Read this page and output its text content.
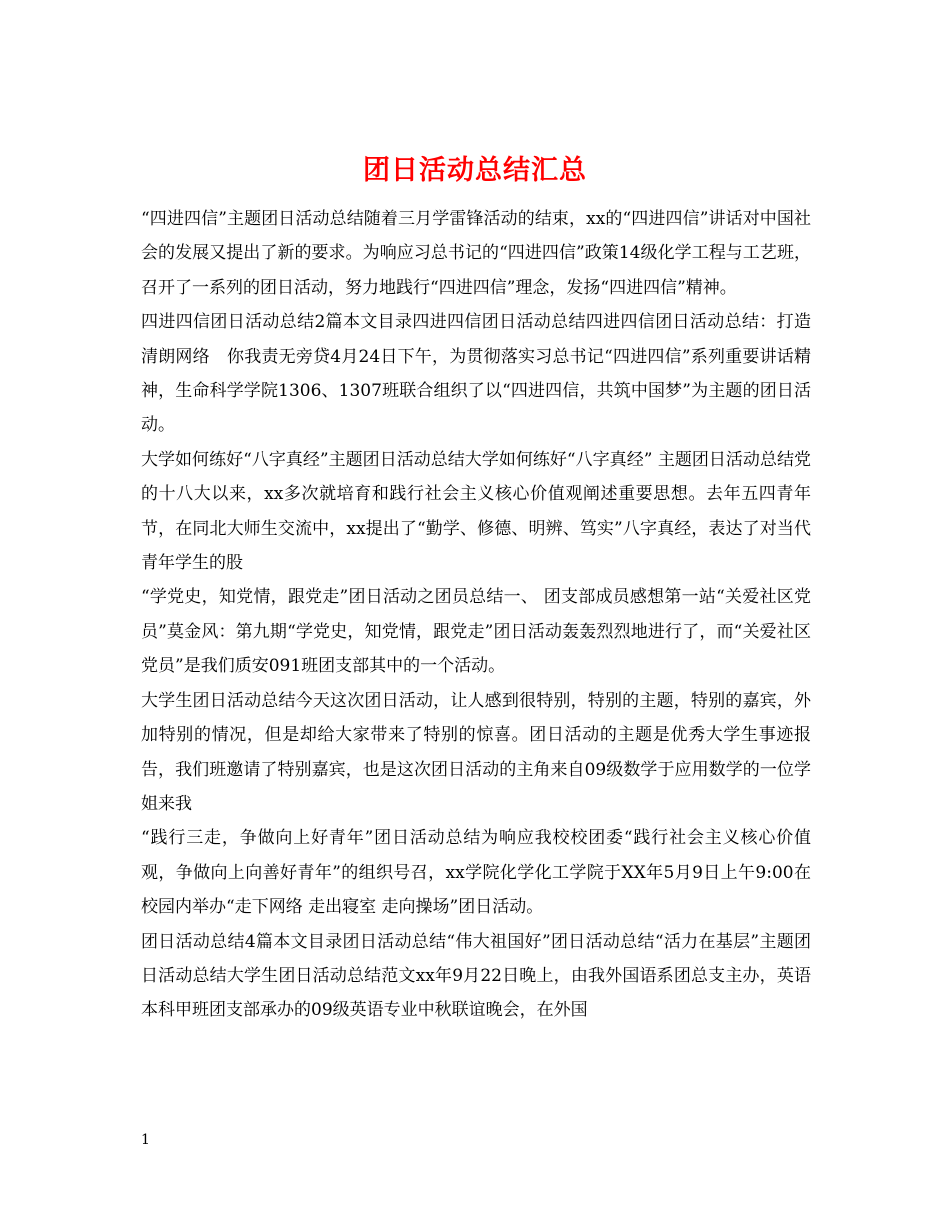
团日活动总结汇总

“四进四信”主题团日活动总结随着三月学雷锋活动的结束，xx的“四进四信”讲话对中国社会的发展又提出了新的要求。为响应习总书记的“四进四信”政策14级化学工程与工艺班，召开了一系列的团日活动，努力地践行“四进四信”理念，发扬“四进四信”精神。

四进四信团日活动总结2篇本文目录四进四信团日活动总结四进四信团日活动总结：打造清朗网络　你我责无旁贷4月24日下午，为贯彻落实习总书记“四进四信”系列重要讲话精神，生命科学学院1306、1307班联合组织了以“四进四信，共筑中国梦”为主题的团日活动。

大学如何练好“八字真经”主题团日活动总结大学如何练好“八字真经” 主题团日活动总结党的十八大以来，xx多次就培育和践行社会主义核心价值观阐述重要思想。去年五四青年节，在同北大师生交流中，xx提出了“勤学、修德、明辨、笃实”八字真经，表达了对当代青年学生的股

“学党史，知党情，跟党走”团日活动之团员总结一、 团支部成员感想第一站“关爱社区党员”莫金风：第九期“学党史，知党情，跟党走”团日活动轰轰烈烈地进行了，而“关爱社区党员”是我们质安091班团支部其中的一个活动。

大学生团日活动总结今天这次团日活动，让人感到很特别，特别的主题，特别的嘉宾，外加特别的情况，但是却给大家带来了特别的惊喜。团日活动的主题是优秀大学生事迹报告，我们班邀请了特别嘉宾，也是这次团日活动的主角来自09级数学于应用数学的一位学姐来我

“践行三走，争做向上好青年”团日活动总结为响应我校校团委“践行社会主义核心价值观，争做向上向善好青年”的组织号召，xx学院化学化工学院于XX年5月9日上午9:00在校园内举办“走下网络 走出寝室 走向操场”团日活动。

团日活动总结4篇本文目录团日活动总结“伟大祖国好”团日活动总结“活力在基层”主题团日活动总结大学生团日活动总结范文xx年9月22日晚上，由我外国语系团总支主办，英语本科甲班团支部承办的09级英语专业中秋联谊晚会，在外国

1
